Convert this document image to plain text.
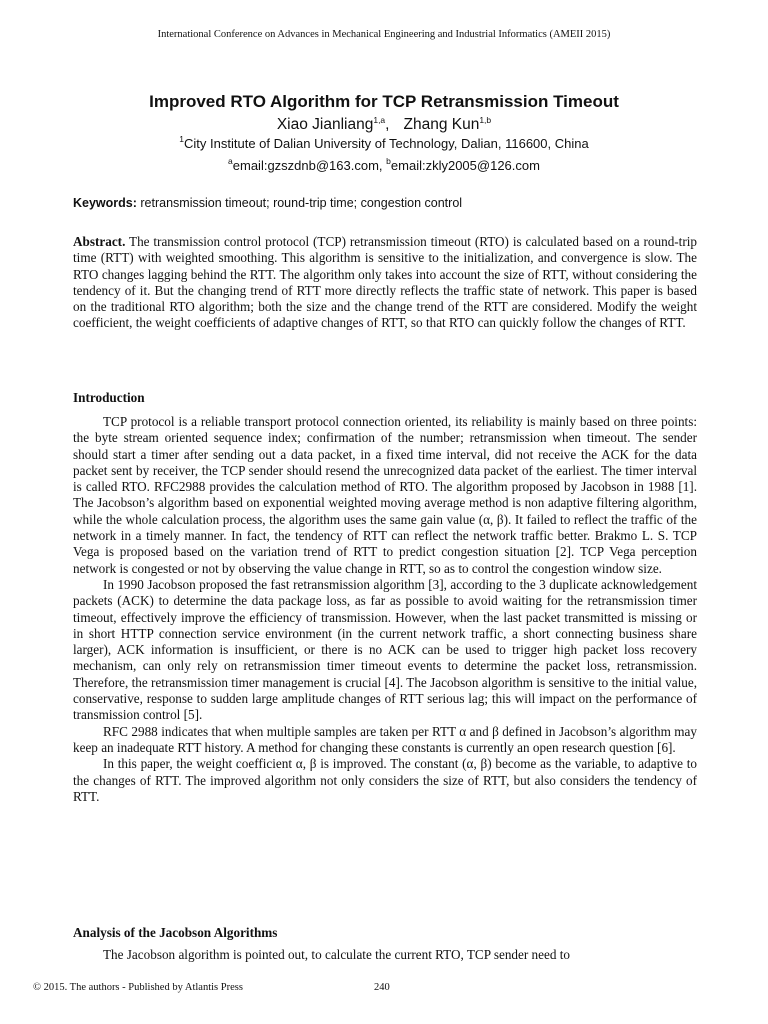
International Conference on Advances in Mechanical Engineering and Industrial Informatics (AMEII 2015)
Improved RTO Algorithm for TCP Retransmission Timeout
Xiao Jianliang$^{1,a}$, Zhang Kun$^{1,b}$
$^1$City Institute of Dalian University of Technology, Dalian, 116600, China
$^a$email:gzszdnb@163.com, $^b$email:zkly2005@126.com
Keywords: retransmission timeout; round-trip time; congestion control
Abstract. The transmission control protocol (TCP) retransmission timeout (RTO) is calculated based on a round-trip time (RTT) with weighted smoothing. This algorithm is sensitive to the initialization, and convergence is slow. The RTO changes lagging behind the RTT. The algorithm only takes into account the size of RTT, without considering the tendency of it. But the changing trend of RTT more directly reflects the traffic state of network. This paper is based on the traditional RTO algorithm; both the size and the change trend of the RTT are considered. Modify the weight coefficient, the weight coefficients of adaptive changes of RTT, so that RTO can quickly follow the changes of RTT.
Introduction

TCP protocol is a reliable transport protocol connection oriented, its reliability is mainly based on three points: the byte stream oriented sequence index; confirmation of the number; retransmission when timeout. The sender should start a timer after sending out a data packet, in a fixed time interval, did not receive the ACK for the data packet sent by receiver, the TCP sender should resend the unrecognized data packet of the earliest. The timer interval is called RTO. RFC2988 provides the calculation method of RTO. The algorithm proposed by Jacobson in 1988 [1]. The Jacobson’s algorithm based on exponential weighted moving average method is non adaptive filtering algorithm, while the whole calculation process, the algorithm uses the same gain value (α, β). It failed to reflect the traffic of the network in a timely manner. In fact, the tendency of RTT can reflect the network traffic better. Brakmo L. S. TCP Vega is proposed based on the variation trend of RTT to predict congestion situation [2]. TCP Vega perception network is congested or not by observing the value change in RTT, so as to control the congestion window size.

In 1990 Jacobson proposed the fast retransmission algorithm [3], according to the 3 duplicate acknowledgement packets (ACK) to determine the data package loss, as far as possible to avoid waiting for the retransmission timer timeout, effectively improve the efficiency of transmission. However, when the last packet transmitted is missing or in short HTTP connection service environment (in the current network traffic, a short connecting business share larger), ACK information is insufficient, or there is no ACK can be used to trigger high packet loss recovery mechanism, can only rely on retransmission timer timeout events to determine the packet loss, retransmission. Therefore, the retransmission timer management is crucial [4]. The Jacobson algorithm is sensitive to the initial value, conservative, response to sudden large amplitude changes of RTT serious lag; this will impact on the performance of transmission control [5].

RFC 2988 indicates that when multiple samples are taken per RTT α and β defined in Jacobson’s algorithm may keep an inadequate RTT history. A method for changing these constants is currently an open research question [6].

In this paper, the weight coefficient α, β is improved. The constant (α, β) become as the variable, to adaptive to the changes of RTT. The improved algorithm not only considers the size of RTT, but also considers the tendency of RTT.

Analysis of the Jacobson Algorithms
The Jacobson algorithm is pointed out, to calculate the current RTO, TCP sender need to
© 2015. The authors - Published by Atlantis Press	240
